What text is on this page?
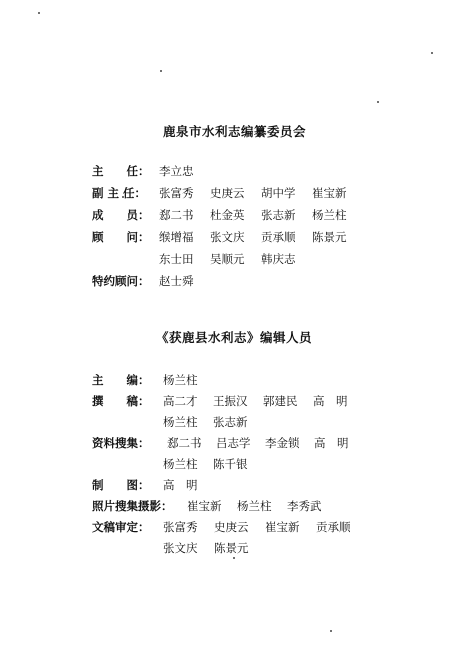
鹿泉市水利志编纂委员会
主　　任： 李立忠
副 主 任： 张富秀 史庚云 胡中学 崔宝新
成　　员： 郄二书 杜金英 张志新 杨兰柱
顾　　问： 缑增福 张文庆 贡承顺 陈景元
东士田 吴顺元 韩庆志
特约顾问： 赵士舜
《获鹿县水利志》编辑人员
主　　编： 杨兰柱
撰　　稿： 高二才 王振汉 郭建民 高　明
杨兰柱 张志新
资料搜集： 郄二书 吕志学 李金锁 高　明
杨兰柱 陈千银
制　　图： 高　明
照片搜集摄影： 崔宝新 杨兰柱 李秀武
文稿审定： 张富秀 史庚云 崔宝新 贡承顺
张文庆 陈景元
